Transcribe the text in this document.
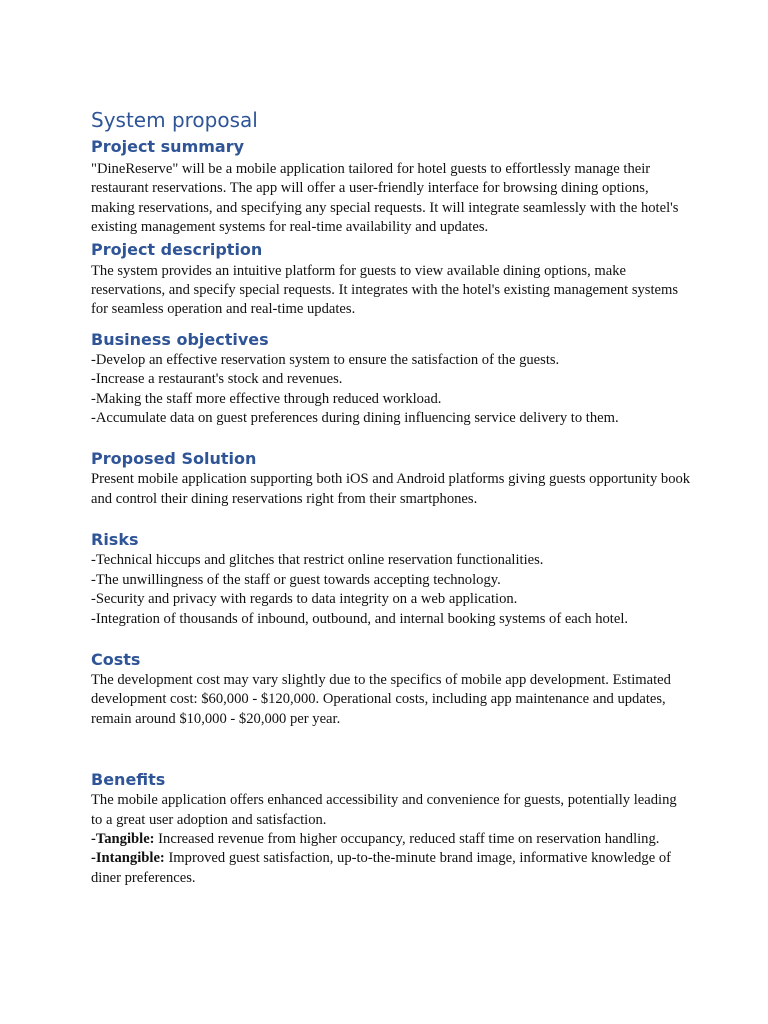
System proposal
Project summary

"DineReserve" will be a mobile application tailored for hotel guests to effortlessly manage their restaurant reservations. The app will offer a user-friendly interface for browsing dining options, making reservations, and specifying any special requests. It will integrate seamlessly with the hotel's existing management systems for real-time availability and updates.

Project description

The system provides an intuitive platform for guests to view available dining options, make reservations, and specify special requests. It integrates with the hotel's existing management systems for seamless operation and real-time updates.

Business objectives
-Develop an effective reservation system to ensure the satisfaction of the guests.
-Increase a restaurant's stock and revenues.
-Making the staff more effective through reduced workload.
-Accumulate data on guest preferences during dining influencing service delivery to them.
Proposed Solution

Present mobile application supporting both iOS and Android platforms giving guests opportunity book and control their dining reservations right from their smartphones.

Risks
-Technical hiccups and glitches that restrict online reservation functionalities.
-The unwillingness of the staff or guest towards accepting technology.
-Security and privacy with regards to data integrity on a web application.
-Integration of thousands of inbound, outbound, and internal booking systems of each hotel.
Costs

The development cost may vary slightly due to the specifics of mobile app development. Estimated development cost: $60,000 - $120,000. Operational costs, including app maintenance and updates, remain around $10,000 - $20,000 per year.

Benefits

The mobile application offers enhanced accessibility and convenience for guests, potentially leading to a great user adoption and satisfaction.

-Tangible: Increased revenue from higher occupancy, reduced staff time on reservation handling.

-Intangible: Improved guest satisfaction, up-to-the-minute brand image, informative knowledge of diner preferences.
